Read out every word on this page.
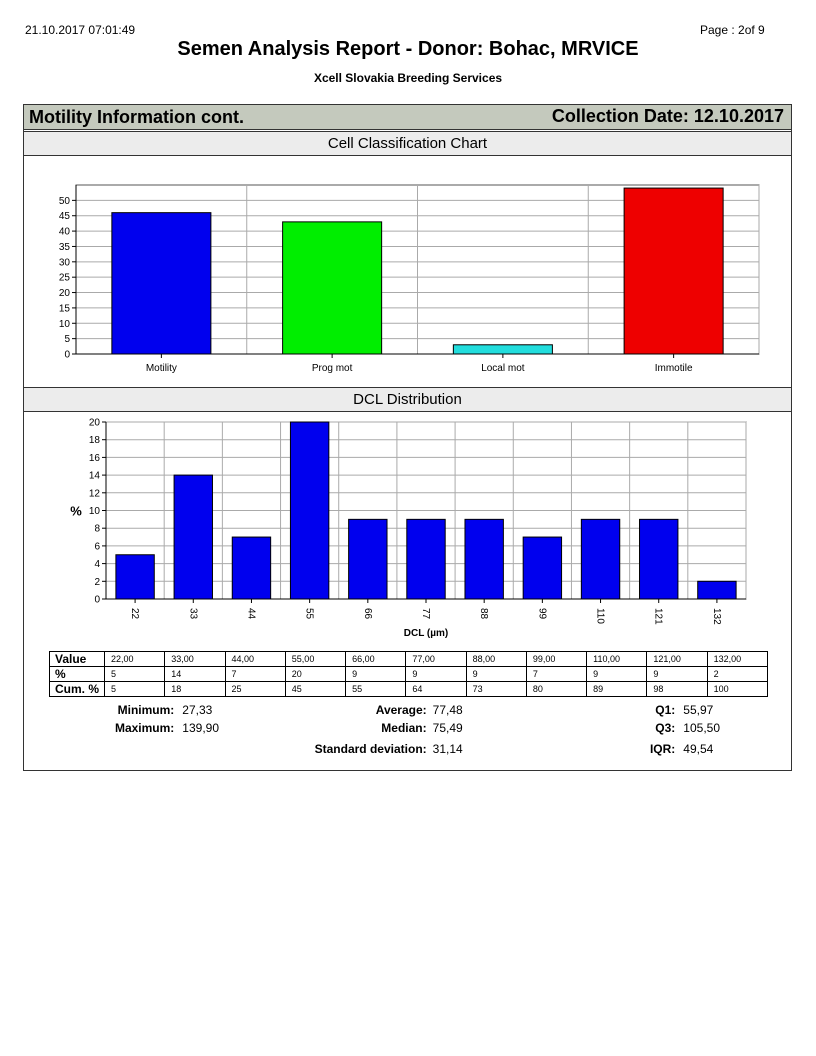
21.10.2017 07:01:49	Page : 2of 9
Semen Analysis Report - Donor: Bohac, MRVICE
Xcell Slovakia Breeding Services
Motility Information cont.	Collection Date: 12.10.2017
Cell Classification Chart
0
5
10
15
20
25
30
35
40
45
50
Motility	Prog mot	Local mot	Immotile
DCL Distribution
0
2
4
6
8
10
12
14
16
18
20
22	33	44	55	66	77	88	99	110	121	132
%
DCL (µm)
Value	22,00	33,00	44,00	55,00	66,00	77,00	88,00	99,00	110,00	121,00	132,00
%	5	14	7	20	9	9	9	7	9	9	2
Cum. %	5	18	25	45	55	64	73	80	89	98	100
Minimum:	27,33	Average:	77,48	Q1:	55,97
Maximum:	139,90	Median:	75,49	Q3:	105,50
		Standard deviation:	31,14	IQR:	49,54
